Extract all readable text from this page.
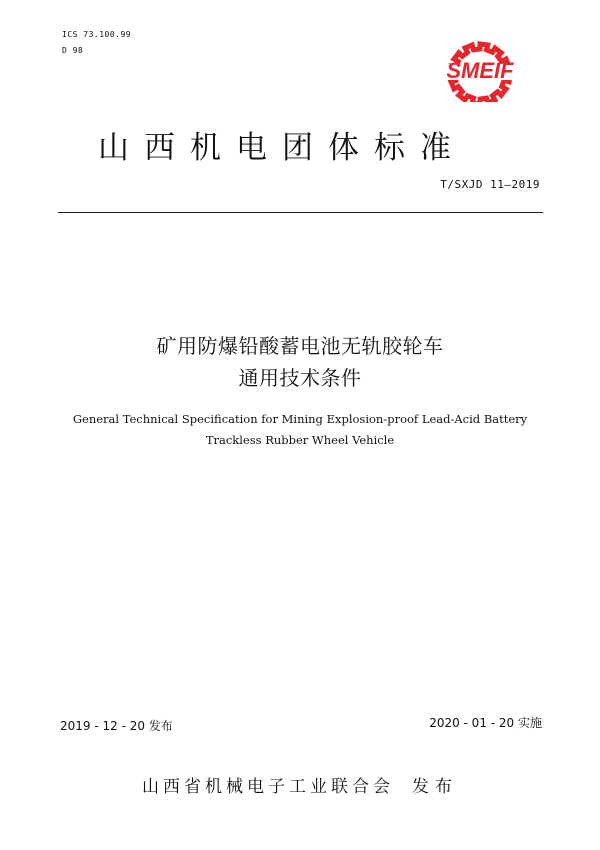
ICS 73.100.99
D 98
SMEIF
山西机电团体标准
T/SXJD 11—2019
矿用防爆铅酸蓄电池无轨胶轮车
通用技术条件
General Technical Specification for Mining Explosion-proof Lead-Acid Battery
Trackless Rubber Wheel Vehicle
2019 - 12 - 20 发布	2020 - 01 - 20 实施
山西省机械电子工业联合会 发布
